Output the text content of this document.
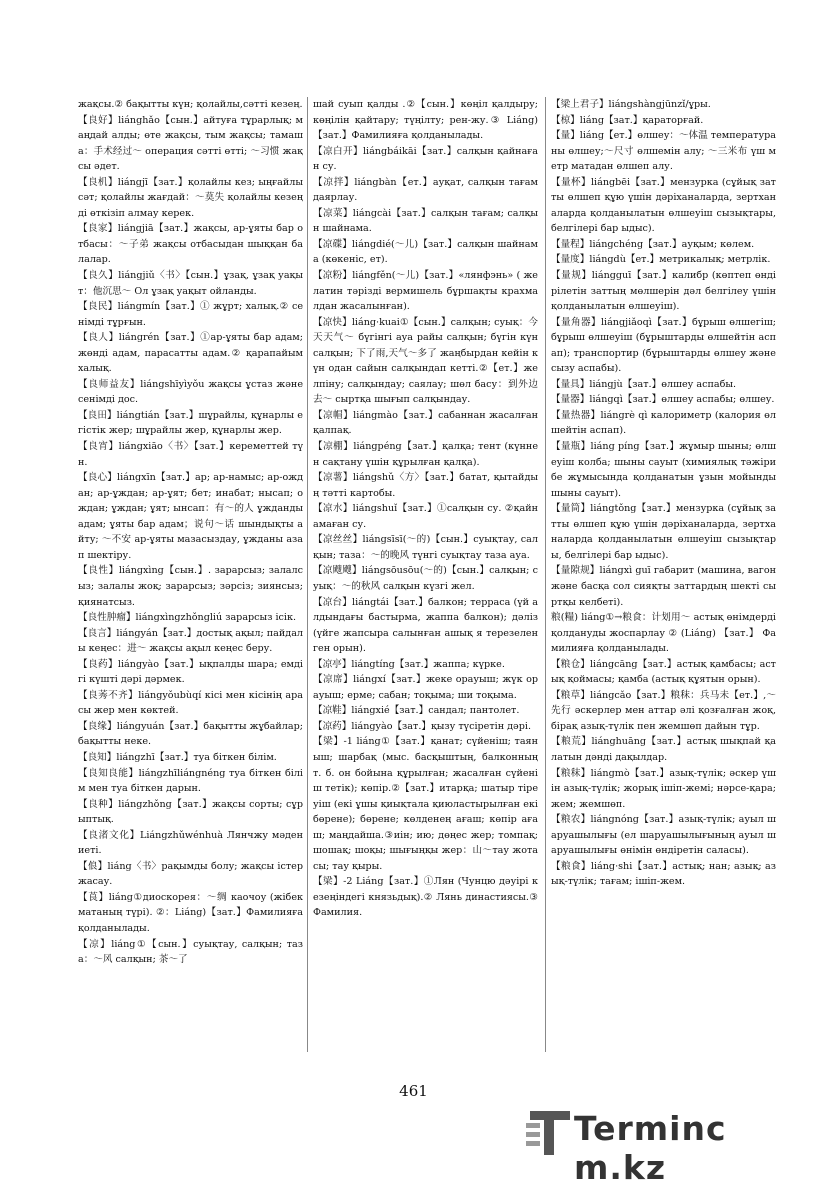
жақсы.② бақытты күн; қолайлы,сәтті кезең.

【良好】liánghǎo【сын.】айтуға тұрарлық; маңдай алды; өте жақсы, тым жақсы; тамаша：手术经过～ операция сәтті өтті; ～习惯 жақсы әдет.

【良机】liángjī【зат.】қолайлы кез; ыңғайлы сәт; қолайлы жағдай：～莫失 қолайлы кезеңді өткізіп алмау керек.

【良家】liángjiā【зат.】жақсы, ар-ұяты бар отбасы：～子弟 жақсы отбасыдан шыққан балалар.

【良久】liángjiǔ〈书〉【сын.】ұзақ, ұзақ уақыт：他沉思～ Ол ұзақ уақыт ойланды.

【良民】liángmín【зат.】① жұрт; халық.② сенімді тұрғын.

【良人】liángrén【зат.】①ар-ұяты бар адам; жөнді адам, парасатты адам.② қарапайым халық.

【良师益友】liángshīyìyǒu жақсы ұстаз және сенімді дос.

【良田】liángtián【зат.】шұрайлы, құнарлы егістік жер; шұрайлы жер, құнарлы жер.

【良宵】liángxiāo〈书〉【зат.】кереметтей түн.

【良心】liángxīn【зат.】ар; ар-намыс; ар-ождан; ар-ұждан; ар-ұят; бет; инабат; нысап; ождан; ұждан; ұят; ынсап：有～的人 ұжданды адам; ұяты бар адам；说句～话 шындықты айту; ～不安 ар-ұяты мазасыздау, ұжданы азап шектіру.

【良性】liángxìng【сын.】. зарарсыз; залалсыз; залалы жоқ; зарарсыз; зәрсіз; зиянсыз; қиянатсыз.

【良性肿瘤】liángxìngzhǒngliú зарарсыз ісік.

【良言】liángyán【зат.】достық ақыл; пайдалы кеңес：进～ жақсы ақыл кеңес беру.

【良药】liángyào【зат.】ықпалды шара; емдігі күшті дәрі дәрмек.

【良莠不齐】liángyǒubùqí кісі мен кісінің арасы жер мен көктей.

【良缘】liángyuán【зат.】бақытты жұбайлар; бақытты неке.

【良知】liángzhī【зат.】туа біткен білім.

【良知良能】liángzhīliángnéng туа біткен білім мен туа біткен дарын.

【良种】liángzhǒng【зат.】жақсы сорты; сұрыптық.

【良渚文化】Liángzhǔwénhuà Лянчжу мәдениеті.

【俍】liáng〈书〉рақымды болу; жақсы істер жасау.

【莨】liáng①диоскорея：～绸 каочоу (жібек матаның түрі). ②：Liáng)【зат.】Фамилияға қолданылады.

【凉】liáng①【сын.】суықтау, салқын; таза：～风 салқын; 茶～了

шай суып қалды .②【сын.】көңіл қалдыру; көңілін қайтару; түңілту; рен-жу.③ Liáng)【зат.】Фамилияға қолданылады.

【凉白开】liángbáikāi【зат.】салқын қайнаған су.

【凉拌】liángbàn【ет.】ауқат, салқын тағам даярлау.

【凉菜】liángcài【зат.】салқын тағам; салқын шайнама.

【凉碟】liángdié(～儿)【зат.】салқын шайнама (көкеніс, ет).

【凉粉】liángfěn(～儿)【зат.】«лянфэнь» ( желатин тәрізді вермишель бұршақты крахмалдан жасалынған).

【凉快】liáng·kuai①【сын.】салқын; суық：今天天气～ бүгінгі ауа райы салқын; бүгін күн салқын; 下了雨,天气～多了 жаңбырдан кейін күн одан сайын салқындап кетті.②【ет.】желпіну; салқындау; саялау; шөл басу：到外边去～ сыртқа шығып салқындау.

【凉帽】liángmào【зат.】сабаннан жасалған қалпақ.

【凉棚】liángpéng【зат.】қалқа; тент (күннен сақтану үшін құрылған қалқа).

【凉薯】liángshǔ〈方〉【зат.】батат, қытайдың тәтті картобы.

【凉水】liángshuǐ【зат.】①салқын су. ②қайнамаған су.

【凉丝丝】liángsīsī(～的)【сын.】суықтау, салқын; таза：～的晚风 түнгі суықтау таза ауа.

【凉飕飕】liángsōusōu(～的)【сын.】салқын; суық：～的秋风 салқын күзгі жел.

【凉台】liángtái【зат.】балкон; терраса (үй алдындағы бастырма, жаппа балкон); дәліз (үйге жапсыра салынған ашық я терезеленген орын).

【凉亭】liángtíng【зат.】жаппа; күрке.

【凉席】liángxí【зат.】жеке орауыш; жүк орауыш; ерме; сабан; тоқыма; ши тоқыма.

【凉鞋】liángxié【зат.】сандал; пантолет.

【凉药】liángyào【зат.】қызу түсіретін дәрі.

【梁】-1 liáng①【зат.】қанат; сүйеніш; таяныш; шарбақ (мыс. басқыштың, балконның т. б. он бойына құрылған; жасалған сүйеніш тетік); көпір.②【зат.】итарқа; шатыр тіреуіш (екі ұшы қиықтала қиюластырылған екі бөрене); бөрене; көлденең ағаш; көпір ағаш; маңдайша.③иін; ию; дөңес жер; томпақ; шошақ; шоқы; шығыңқы жер：山～тау жотасы; тау қыры.

【梁】-2 Liáng【зат.】①Лян (Чунцю дәуірі кезеңіндегі князьдық).② Лянь династиясы.③Фамилия.

【梁上君子】liángshàngjūnzǐ/ұры.

【椋】liáng【зат.】қараторғай.

【量】liáng【ет.】өлшеу：～体温 температураны өлшеу;～尺寸 өлшемін алу; ～三米布 үш метр матадан өлшеп алу.

【量杯】liángbēi【зат.】мензурка (сұйық затты өлшеп құю үшін дәріханаларда, зертханаларда қолданылатын өлшеуіш сызықтары, белгілері бар ыдыс).

【量程】liángchéng【зат.】ауқым; көлем.

【量度】liángdù【ет.】метрикалық; метрлік.

【量规】liángguī【зат.】калибр (көптеп өндірілетін заттың мөлшерін дәл белгілеу үшін қолданылатын өлшеуіш).

【量角器】liángjiǎoqì【зат.】бұрыш өлшегіш; бұрыш өлшеуіш (бұрыштарды өлшейтін аспап); транспортир (бұрыштарды өлшеу және сызу аспабы).

【量具】liángjù【зат.】өлшеу аспабы.

【量器】liángqì【зат.】өлшеу аспабы; өлшеу.

【量热器】liángrè qì калориметр (калория өлшейтін аспап).

【量瓶】liáng píng【зат.】жұмыр шыны; өлшеуіш колба; шыны сауыт (химиялық тәжірибе жұмысында қолданатын ұзын мойынды шыны сауыт).

【量筒】liángtǒng【зат.】мензурка (сұйық затты өлшеп құю үшін дәріханаларда, зертханаларда қолданылатын өлшеуіш сызықтары, белгілері бар ыдыс).

【量隙规】liángxì guī габарит (машина, вагон және басқа сол сияқты заттардың шекті сыртқы келбеті).

粮(糧) liáng①→粮食：计划用～ астық өнімдерді қолдануды жоспарлау ② (Liáng) 【зат.】 Фамилияға қолданылады.

【粮仓】liángcāng【зат.】астық қамбасы; астық қоймасы; қамба (астық құятын орын).

【粮草】liángcǎo【зат.】粮秣：兵马未【ет.】,～先行 әскерлер мен аттар әлі қозғалған жоқ,бірақ азық-түлік пен жемшөп дайын тұр.

【粮荒】liánghuāng【зат.】астық шықпай қалатын дәнді дақылдар.

【粮秣】liángmò【зат.】азық-түлік; әскер үшін азық-түлік; жорық ішіп-жемі; нәрсе-қара; жем; жемшөп.

【粮农】liángnóng【зат.】азық-түлік; ауыл шаруашылығы (ел шаруашылығының ауыл шаруашылығы өнімін өндіретін саласы).

【粮食】liáng·shi【зат.】астық; нан; азық; азық-түлік; тағам; ішіп-жем.

461
Terminc m.kz
